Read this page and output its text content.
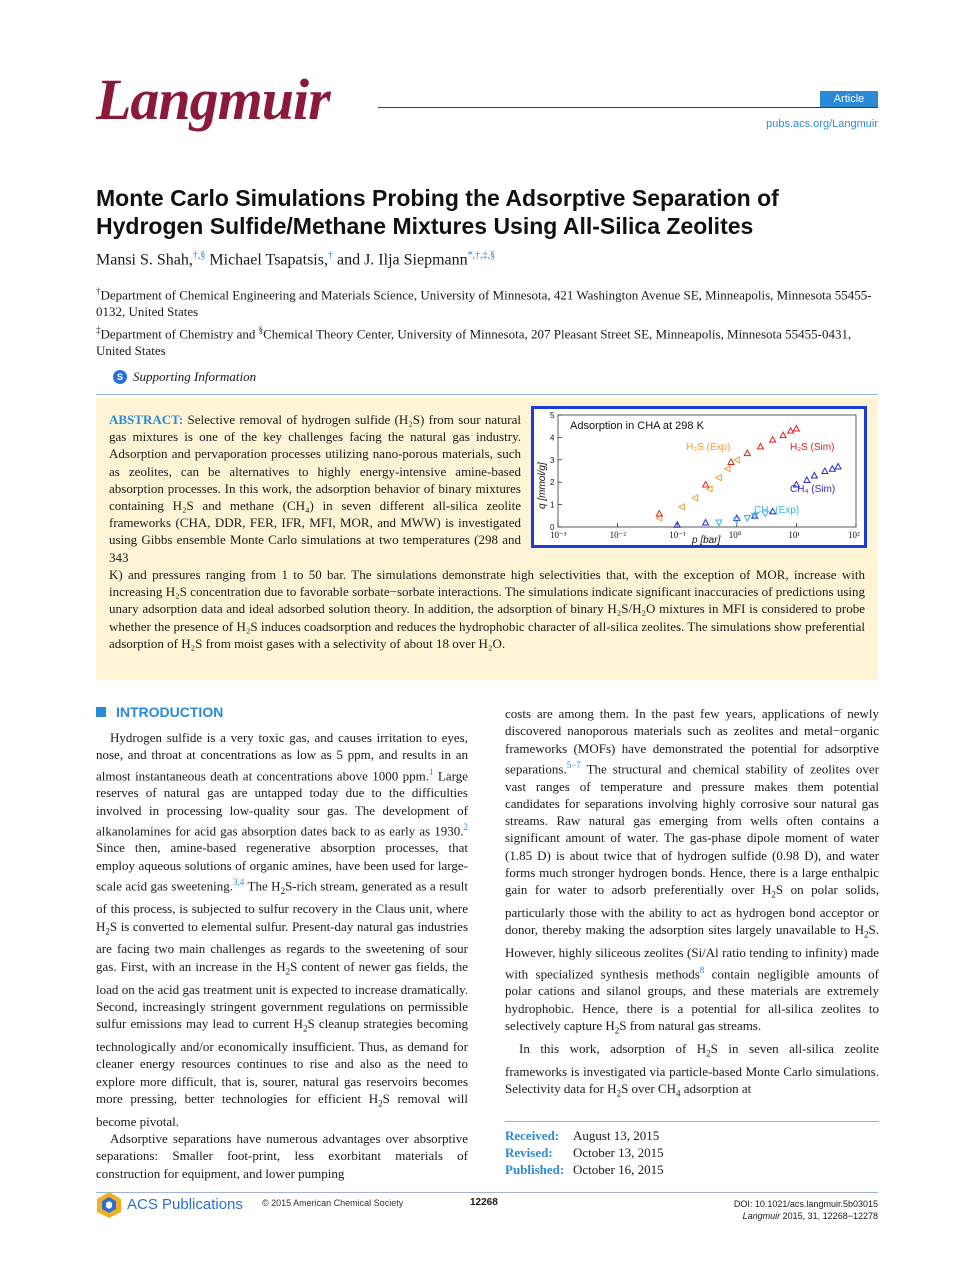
Langmuir	Article
pubs.acs.org/Langmuir
Monte Carlo Simulations Probing the Adsorptive Separation of
Hydrogen Sulfide/Methane Mixtures Using All-Silica Zeolites
Mansi S. Shah,†,§ Michael Tsapatsis,† and J. Ilja Siepmann*,†,‡,§
†Department of Chemical Engineering and Materials Science, University of Minnesota, 421 Washington Avenue SE, Minneapolis, Minnesota 55455-0132, United States
‡Department of Chemistry and §Chemical Theory Center, University of Minnesota, 207 Pleasant Street SE, Minneapolis, Minnesota 55455-0431, United States
S Supporting Information
ABSTRACT: Selective removal of hydrogen sulfide (H₂S) from sour natural gas mixtures is one of the key challenges facing the natural gas industry. Adsorption and pervaporation processes utilizing nano-porous materials, such as zeolites, can be alternatives to highly energy-intensive amine-based absorption processes. In this work, the adsorption behavior of binary mixtures containing H₂S and methane (CH₄) in seven different all-silica zeolite frameworks (CHA, DDR, FER, IFR, MFI, MOR, and MWW) is investigated using Gibbs ensemble Monte Carlo simulations at two temperatures (298 and 343
K) and pressures ranging from 1 to 50 bar. The simulations demonstrate high selectivities that, with the exception of MOR, increase with increasing H₂S concentration due to favorable sorbate−sorbate interactions. The simulations indicate significant inaccuracies of predictions using unary adsorption data and ideal adsorbed solution theory. In addition, the adsorption of binary H₂S/H₂O mixtures in MFI is considered to probe whether the presence of H₂S induces coadsorption and reduces the hydrophobic character of all-silica zeolites. The simulations show preferential adsorption of H₂S from moist gases with a selectivity of about 18 over H₂O.
5
4
3
2
1
0
10²
10¹
10⁰
10⁻¹
10⁻²
10⁻³
Adsorption in CHA at 298 K
q [mmol/g]
p [bar]
H₂S (Exp)	H₂S (Sim)
CH₄ (Sim)
CH₄ (Exp)
INTRODUCTION

Hydrogen sulfide is a very toxic gas, and causes irritation to eyes, nose, and throat at concentrations as low as 5 ppm, and results in an almost instantaneous death at concentrations above 1000 ppm.$^1$ Large reserves of natural gas are untapped today due to the difficulties involved in processing low-quality sour gas. The development of alkanolamines for acid gas absorption dates back to as early as 1930.$^2$ Since then, amine-based regenerative absorption processes, that employ aqueous solutions of organic amines, have been used for large-scale acid gas sweetening.$^{3,4}$ The $H_2S$-rich stream, generated as a result of this process, is subjected to sulfur recovery in the Claus unit, where $H_2S$ is converted to elemental sulfur. Present-day natural gas industries are facing two main challenges as regards to the sweetening of sour gas. First, with an increase in the $H_2S$ content of newer gas fields, the load on the acid gas treatment unit is expected to increase dramatically. Second, increasingly stringent government regulations on permissible sulfur emissions may lead to current $H_2S$ cleanup strategies becoming technologically and/or economically insufficient. Thus, as demand for cleaner energy resources continues to rise and also as the need to explore more difficult, that is, sourer, natural gas reservoirs becomes more pressing, better technologies for efficient $H_2S$ removal will become pivotal.

Adsorptive separations have numerous advantages over absorptive separations: Smaller foot-print, less exorbitant materials of construction for equipment, and lower pumping

costs are among them. In the past few years, applications of newly discovered nanoporous materials such as zeolites and metal−organic frameworks (MOFs) have demonstrated the potential for adsorptive separations.$^{5-7}$ The structural and chemical stability of zeolites over vast ranges of temperature and pressure makes them potential candidates for separations involving highly corrosive sour natural gas streams. Raw natural gas emerging from wells often contains a significant amount of water. The gas-phase dipole moment of water (1.85 D) is about twice that of hydrogen sulfide (0.98 D), and water forms much stronger hydrogen bonds. Hence, there is a large enthalpic gain for water to adsorb preferentially over $H_2S$ on polar solids, particularly those with the ability to act as hydrogen bond acceptor or donor, thereby making the adsorption sites largely unavailable to $H_2S$. However, highly siliceous zeolites (Si/Al ratio tending to infinity) made with specialized synthesis methods$^8$ contain negligible amounts of polar cations and silanol groups, and these materials are extremely hydrophobic. Hence, there is a potential for all-silica zeolites to selectively capture $H_2S$ from natural gas streams.

In this work, adsorption of $H_2S$ in seven all-silica zeolite frameworks is investigated via particle-based Monte Carlo simulations. Selectivity data for $H_2S$ over $CH_4$ adsorption at

Received: August 13, 2015
Revised: October 13, 2015
Published: October 16, 2015
ACS Publications © 2015 American Chemical Society	12268	DOI: 10.1021/acs.langmuir.5b03015
Langmuir 2015, 31, 12268−12278
